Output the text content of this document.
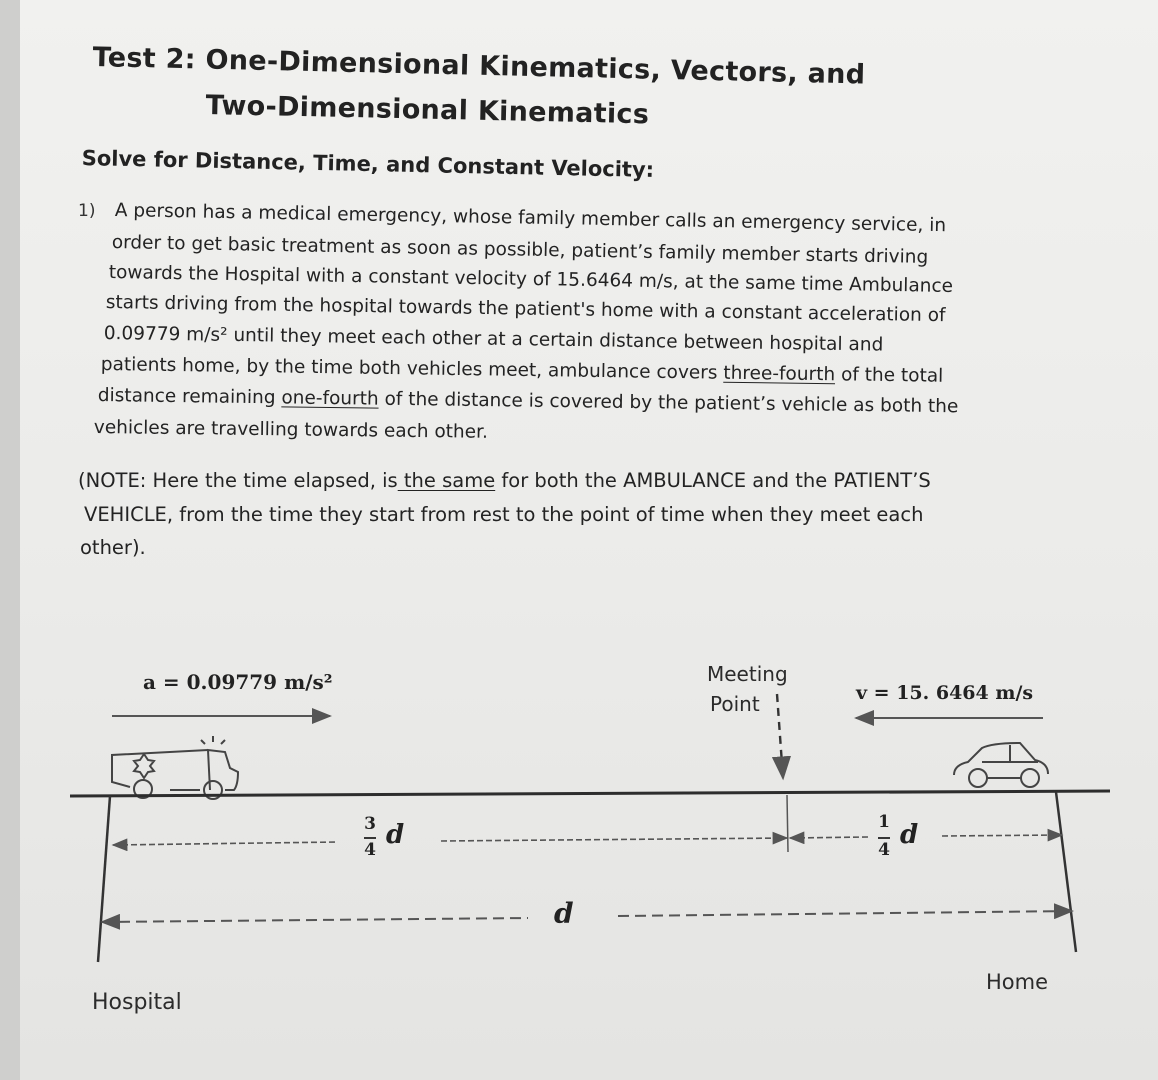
Test 2: One-Dimensional Kinematics, Vectors, and
Two-Dimensional Kinematics
Solve for Distance, Time, and Constant Velocity:
1) A person has a medical emergency, whose family member calls an emergency service, in
order to get basic treatment as soon as possible, patient’s family member starts driving
towards the Hospital with a constant velocity of 15.6464 m/s, at the same time Ambulance
starts driving from the hospital towards the patient's home with a constant acceleration of
0.09779 m/s² until they meet each other at a certain distance between hospital and
patients home, by the time both vehicles meet, ambulance covers three-fourth of the total
distance remaining one-fourth of the distance is covered by the patient’s vehicle as both the
vehicles are travelling towards each other.
(NOTE: Here the time elapsed, is the same for both the AMBULANCE and the PATIENT’S
VEHICLE, from the time they start from rest to the point of time when they meet each
other).
a = 0.09779 m/s²	v = 15. 6464 m/s
Meeting
Point
3
4 d	1
4 d
d
Hospital
Home
